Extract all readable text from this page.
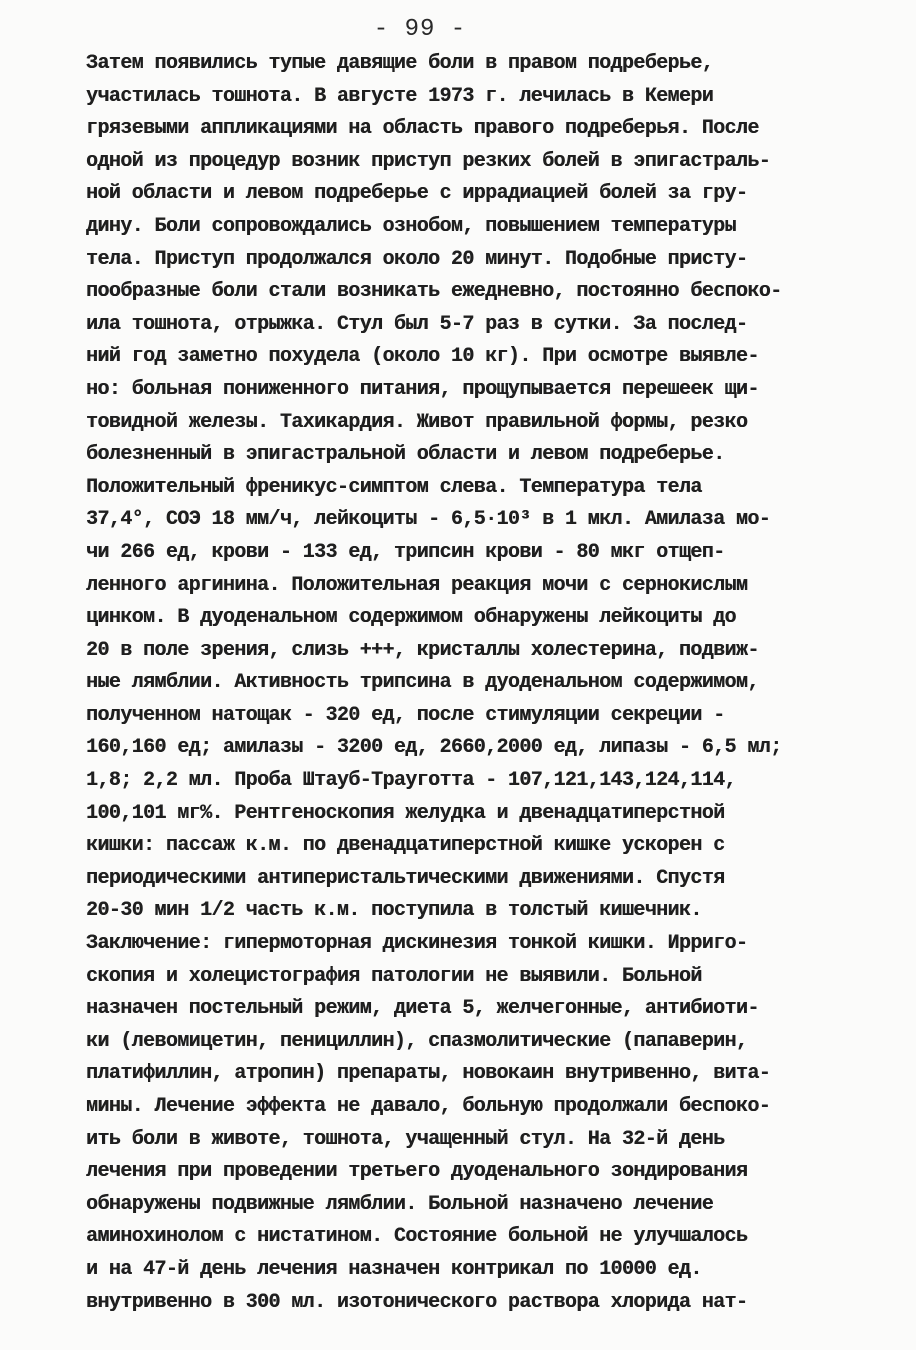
- 99 -
Затем появились тупые давящие боли в правом подреберье,
участилась тошнота. В августе 1973 г. лечилась в Кемери
грязевыми аппликациями на область правого подреберья. После
одной из процедур возник приступ резких болей в эпигастраль-
ной области и левом подреберье с иррадиацией болей за гру-
дину. Боли сопровождались ознобом, повышением температуры
тела. Приступ продолжался около 20 минут. Подобные присту-
пообразные боли стали возникать ежедневно, постоянно беспоко-
ила тошнота, отрыжка. Стул был 5-7 раз в сутки. За послед-
ний год заметно похудела (около 10 кг). При осмотре выявле-
но: больная пониженного питания, прощупывается перешеек щи-
товидной железы. Тахикардия. Живот правильной формы, резко
болезненный в эпигастральной области и левом подреберье.
Положительный френикус-симптом слева. Температура тела
37,4°, СОЭ 18 мм/ч, лейкоциты - 6,5·10³ в 1 мкл. Амилаза мо-
чи 266 ед, крови - 133 ед, трипсин крови - 80 мкг отщеп-
ленного аргинина. Положительная реакция мочи с сернокислым
цинком. В дуоденальном содержимом обнаружены лейкоциты до
20 в поле зрения, слизь +++, кристаллы холестерина, подвиж-
ные лямблии. Активность трипсина в дуоденальном содержимом,
полученном натощак - 320 ед, после стимуляции секреции -
160,160 ед; амилазы - 3200 ед, 2660,2000 ед, липазы - 6,5 мл;
1,8; 2,2 мл. Проба Штауб-Трауготта - 107,121,143,124,114,
100,101 мг%. Рентгеноскопия желудка и двенадцатиперстной
кишки: пассаж к.м. по двенадцатиперстной кишке ускорен с
периодическими антиперистальтическими движениями. Спустя
20-30 мин 1/2 часть к.м. поступила в толстый кишечник.
Заключение: гипермоторная дискинезия тонкой кишки. Ирриго-
скопия и холецистография патологии не выявили. Больной
назначен постельный режим, диета 5, желчегонные, антибиоти-
ки (левомицетин, пенициллин), спазмолитические (папаверин,
платифиллин, атропин) препараты, новокаин внутривенно, вита-
мины. Лечение эффекта не давало, больную продолжали беспоко-
ить боли в животе, тошнота, учащенный стул. На 32-й день
лечения при проведении третьего дуоденального зондирования
обнаружены подвижные лямблии. Больной назначено лечение
аминохинолом с нистатином. Состояние больной не улучшалось
и на 47-й день лечения назначен контрикал по 10000 ед.
внутривенно в 300 мл. изотонического раствора хлорида нат-
